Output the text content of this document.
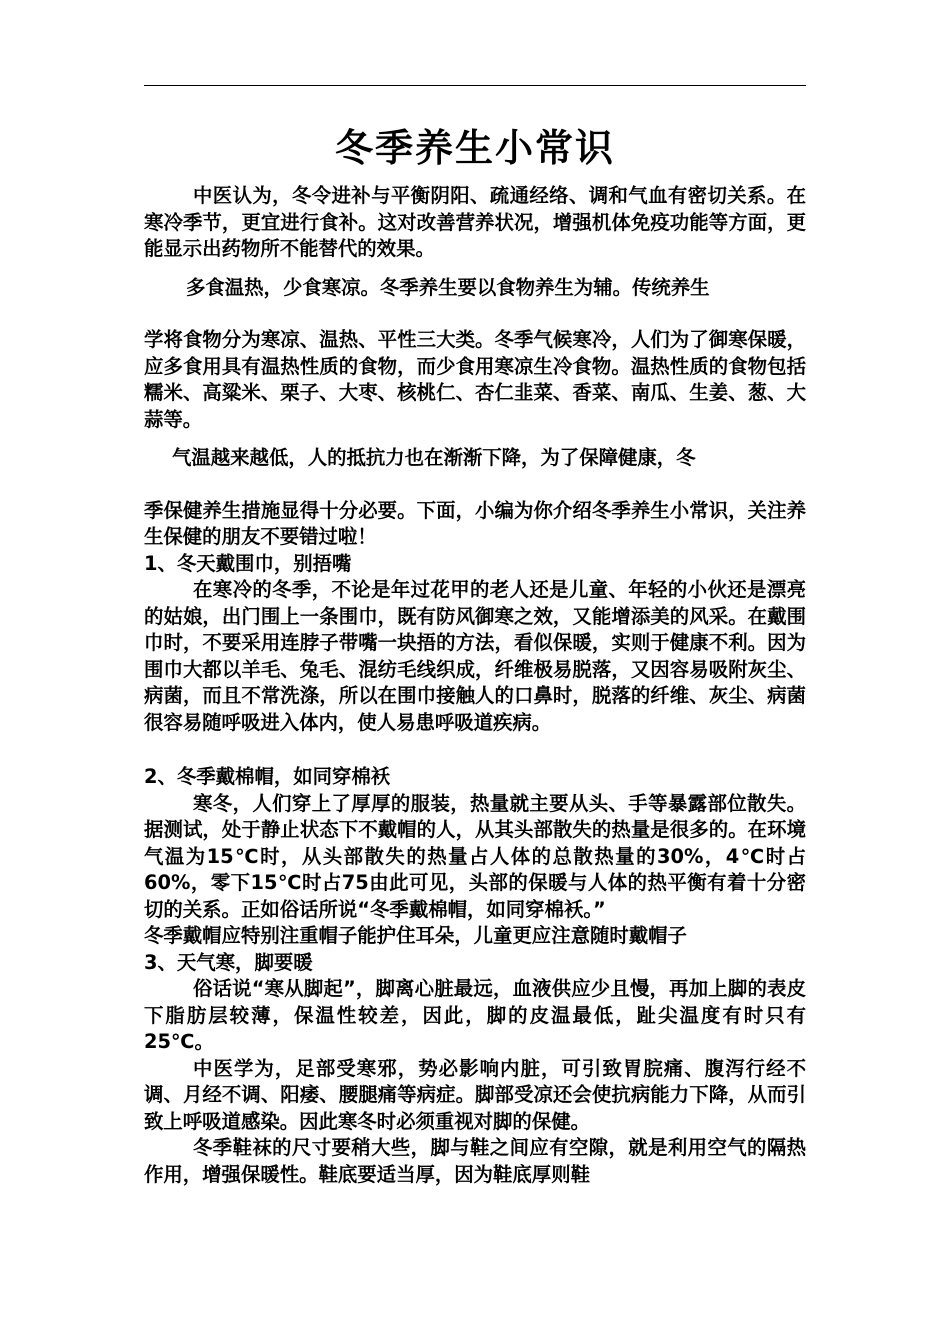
冬季养生小常识

中医认为，冬令进补与平衡阴阳、疏通经络、调和气血有密切关系。在寒冷季节，更宜进行食补。这对改善营养状况，增强机体免疫功能等方面，更能显示出药物所不能替代的效果。

多食温热，少食寒凉。冬季养生要以食物养生为辅。传统养生

学将食物分为寒凉、温热、平性三大类。冬季气候寒冷，人们为了御寒保暖，应多食用具有温热性质的食物，而少食用寒凉生冷食物。温热性质的食物包括糯米、高粱米、栗子、大枣、核桃仁、杏仁韭菜、香菜、南瓜、生姜、葱、大蒜等。

气温越来越低，人的抵抗力也在渐渐下降，为了保障健康，冬

季保健养生措施显得十分必要。下面，小编为你介绍冬季养生小常识，关注养生保健的朋友不要错过啦！

1、冬天戴围巾，别捂嘴

在寒冷的冬季，不论是年过花甲的老人还是儿童、年轻的小伙还是漂亮的姑娘，出门围上一条围巾，既有防风御寒之效，又能增添美的风采。在戴围巾时，不要采用连脖子带嘴一块捂的方法，看似保暖，实则于健康不利。因为围巾大都以羊毛、兔毛、混纺毛线织成，纤维极易脱落，又因容易吸附灰尘、病菌，而且不常洗涤，所以在围巾接触人的口鼻时，脱落的纤维、灰尘、病菌很容易随呼吸进入体内，使人易患呼吸道疾病。

2、冬季戴棉帽，如同穿棉袄

寒冬，人们穿上了厚厚的服装，热量就主要从头、手等暴露部位散失。据测试，处于静止状态下不戴帽的人，从其头部散失的热量是很多的。在环境气温为15℃时，从头部散失的热量占人体的总散热量的30%，4℃时占60%，零下15℃时占75由此可见，头部的保暖与人体的热平衡有着十分密切的关系。正如俗话所说“冬季戴棉帽，如同穿棉袄。”

冬季戴帽应特别注重帽子能护住耳朵，儿童更应注意随时戴帽子

3、天气寒，脚要暖

俗话说“寒从脚起”，脚离心脏最远，血液供应少且慢，再加上脚的表皮下脂肪层较薄，保温性较差，因此，脚的皮温最低，趾尖温度有时只有25℃。

中医学为，足部受寒邪，势必影响内脏，可引致胃脘痛、腹泻行经不调、月经不调、阳痿、腰腿痛等病症。脚部受凉还会使抗病能力下降，从而引致上呼吸道感染。因此寒冬时必须重视对脚的保健。

冬季鞋袜的尺寸要稍大些，脚与鞋之间应有空隙，就是利用空气的隔热作用，增强保暖性。鞋底要适当厚，因为鞋底厚则鞋
